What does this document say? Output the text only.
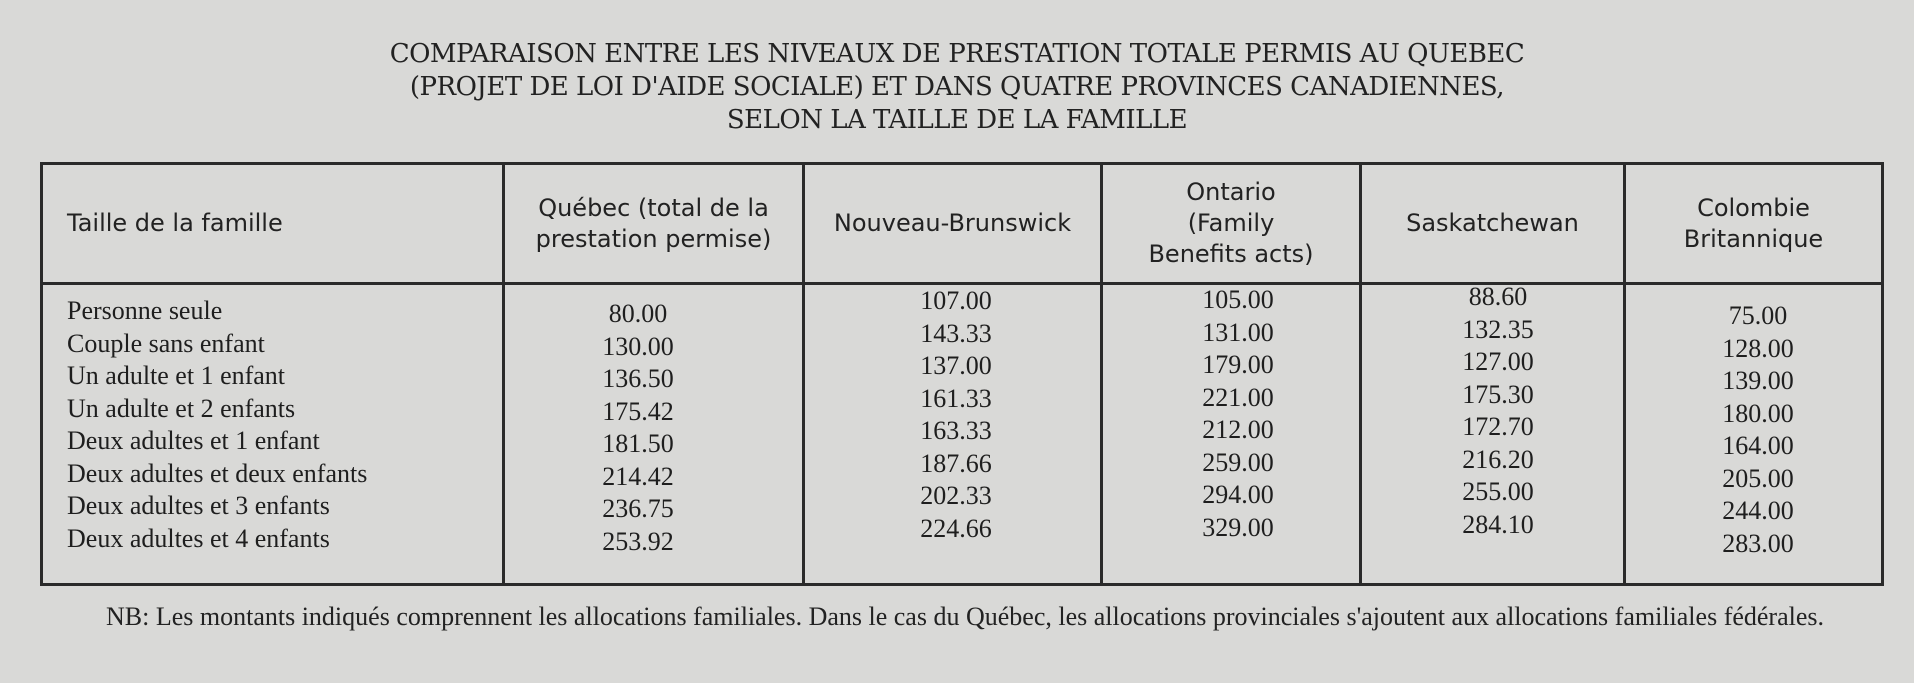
COMPARAISON ENTRE LES NIVEAUX DE PRESTATION TOTALE PERMIS AU QUEBEC
(PROJET DE LOI D'AIDE SOCIALE) ET DANS QUATRE PROVINCES CANADIENNES,
SELON LA TAILLE DE LA FAMILLE
Taille de la famille
Québec (total de la
prestation permise)
Nouveau-Brunswick
Ontario
(Family
Benefits acts)
Saskatchewan
Colombie
Britannique
Personne seule
Couple sans enfant
Un adulte et 1 enfant
Un adulte et 2 enfants
Deux adultes et 1 enfant
Deux adultes et deux enfants
Deux adultes et 3 enfants
Deux adultes et 4 enfants
80.00
130.00
136.50
175.42
181.50
214.42
236.75
253.92
107.00
143.33
137.00
161.33
163.33
187.66
202.33
224.66
105.00
131.00
179.00
221.00
212.00
259.00
294.00
329.00
88.60
132.35
127.00
175.30
172.70
216.20
255.00
284.10
75.00
128.00
139.00
180.00
164.00
205.00
244.00
283.00
NB: Les montants indiqués comprennent les allocations familiales. Dans le cas du Québec, les allocations provinciales s'ajoutent aux allocations familiales fédérales.
